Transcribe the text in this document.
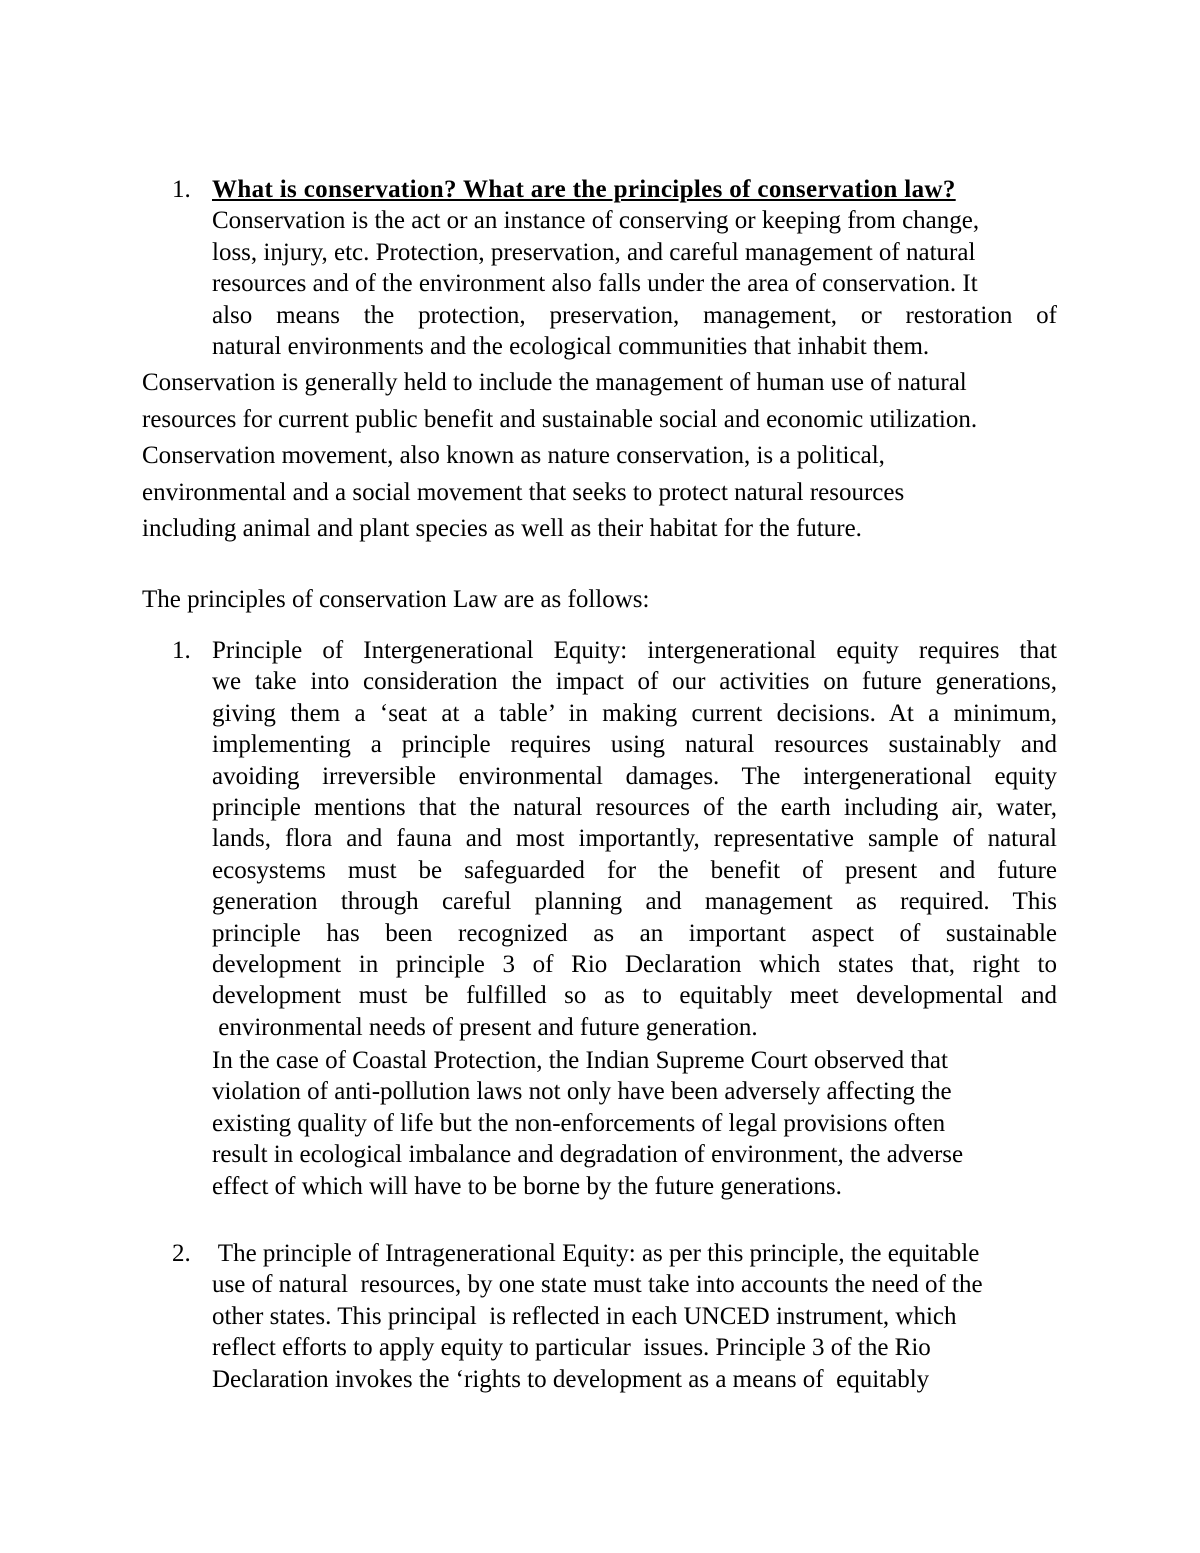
1. What is conservation? What are the principles of conservation law?
Conservation is the act or an instance of conserving or keeping from change,
loss, injury, etc. Protection, preservation, and careful management of natural
resources and of the environment also falls under the area of conservation. It
also means the protection, preservation, management, or restoration of
natural environments and the ecological communities that inhabit them.
Conservation is generally held to include the management of human use of natural
resources for current public benefit and sustainable social and economic utilization.
Conservation movement, also known as nature conservation, is a political,
environmental and a social movement that seeks to protect natural resources
including animal and plant species as well as their habitat for the future.
The principles of conservation Law are as follows:
1. Principle of Intergenerational Equity: intergenerational equity requires that
we take into consideration the impact of our activities on future generations,
giving them a ‘seat at a table’ in making current decisions. At a minimum,
implementing a principle requires using natural resources sustainably and
avoiding irreversible environmental damages. The intergenerational equity
principle mentions that the natural resources of the earth including air, water,
lands, flora and fauna and most importantly, representative sample of natural
ecosystems must be safeguarded for the benefit of present and future
generation through careful planning and management as required. This
principle has been recognized as an important aspect of sustainable
development in principle 3 of Rio Declaration which states that, right to
development must be fulfilled so as to equitably meet developmental and
environmental needs of present and future generation.
In the case of Coastal Protection, the Indian Supreme Court observed that
violation of anti-pollution laws not only have been adversely affecting the
existing quality of life but the non-enforcements of legal provisions often
result in ecological imbalance and degradation of environment, the adverse
effect of which will have to be borne by the future generations.
2. The principle of Intragenerational Equity: as per this principle, the equitable
use of natural  resources, by one state must take into accounts the need of the
other states. This principal  is reflected in each UNCED instrument, which
reflect efforts to apply equity to particular  issues. Principle 3 of the Rio
Declaration invokes the ‘rights to development as a means of  equitably
